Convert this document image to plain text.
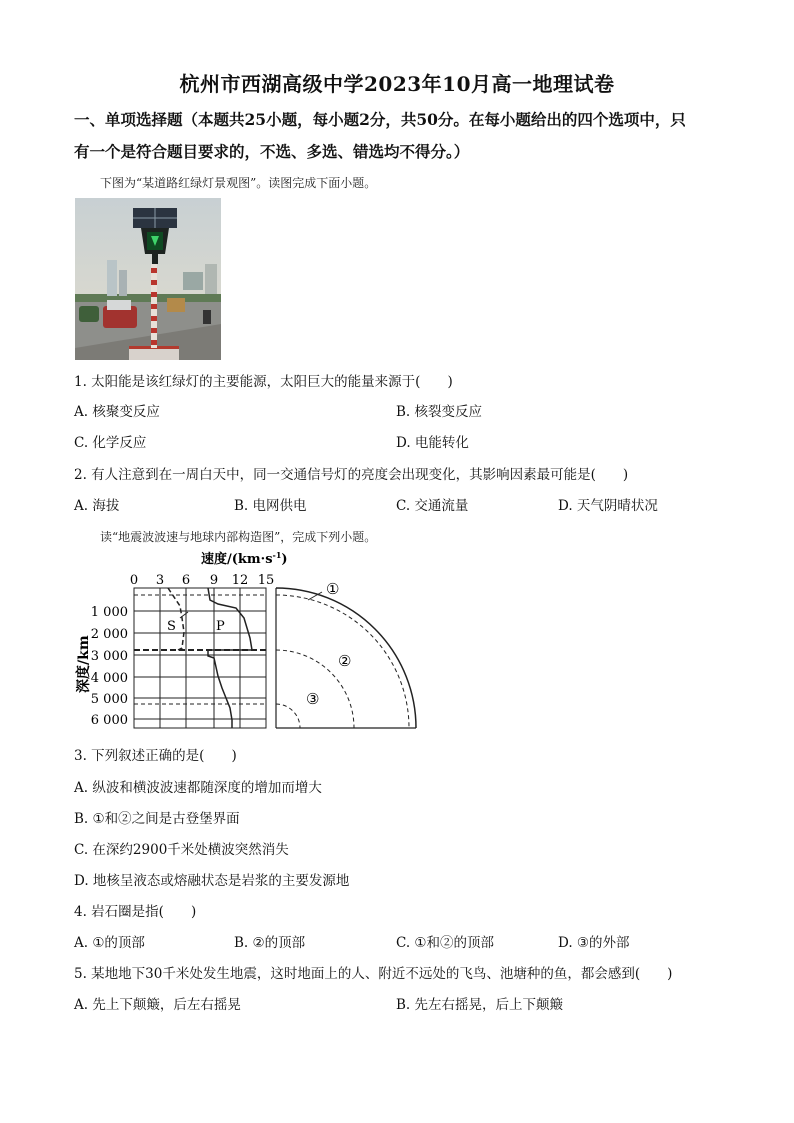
杭州市西湖高级中学2023年10月高一地理试卷
一、单项选择题（本题共25小题，每小题2分，共50分。在每小题给出的四个选项中，只
有一个是符合题目要求的，不选、多选、错选均不得分。）
下图为“某道路红绿灯景观图”。读图完成下面小题。
1. 太阳能是该红绿灯的主要能源，太阳巨大的能量来源于(　　)
A. 核聚变反应	B. 核裂变反应
C. 化学反应	D. 电能转化
2. 有人注意到在一周白天中，同一交通信号灯的亮度会出现变化，其影响因素最可能是(　　)
A. 海拔	B. 电网供电	C. 交通流量	D. 天气阴晴状况
读“地震波波速与地球内部构造图”，完成下列小题。
速度$/(km\cdot s^{-1})$
0 3 6 9 12 15
1 000
2 000
3 000
4 000
5 000
6 000
深度/km
S	P
①
②
③
3. 下列叙述正确的是(　　)
A. 纵波和横波波速都随深度的增加而增大
B. ①和②之间是古登堡界面
C. 在深约2900千米处横波突然消失
D. 地核呈液态或熔融状态是岩浆的主要发源地
4. 岩石圈是指(　　)
A. ①的顶部	B. ②的顶部	C. ①和②的顶部	D. ③的外部
5. 某地地下30千米处发生地震，这时地面上的人、附近不远处的飞鸟、池塘种的鱼，都会感到(　　)
A. 先上下颠簸，后左右摇晃	B. 先左右摇晃，后上下颠簸
